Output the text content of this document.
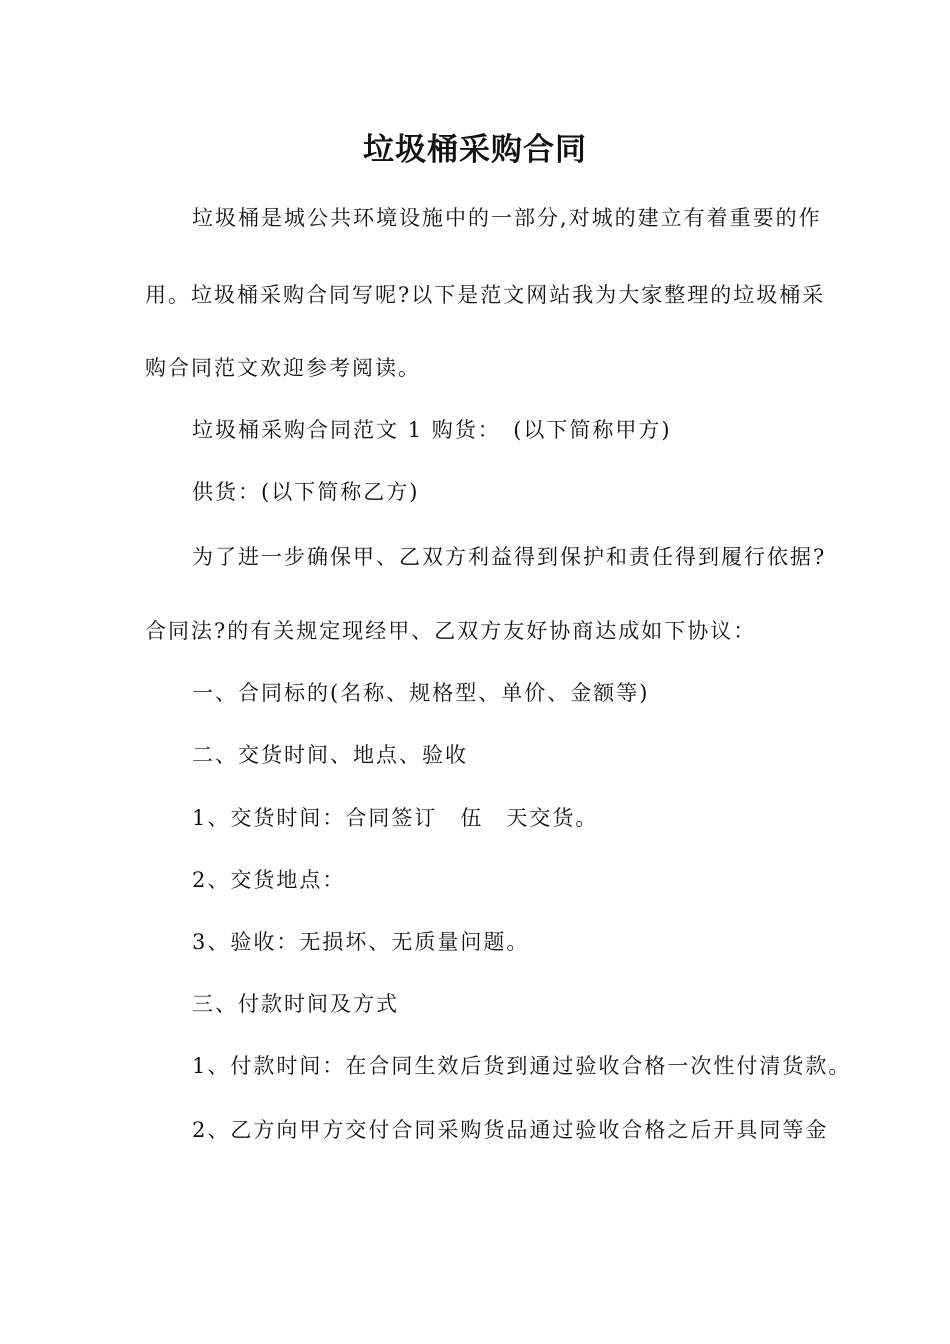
垃圾桶采购合同
垃圾桶是城公共环境设施中的一部分,对城的建立有着重要的作
用。垃圾桶采购合同写呢?以下是范文网站我为大家整理的垃圾桶采
购合同范文欢迎参考阅读。
垃圾桶采购合同范文 1 购货：　(以下简称甲方)
供货：(以下简称乙方)
为了进一步确保甲、乙双方利益得到保护和责任得到履行依据?
合同法?的有关规定现经甲、乙双方友好协商达成如下协议：
一、合同标的(名称、规格型、单价、金额等)
二、交货时间、地点、验收
1、交货时间：合同签订　伍　天交货。
2、交货地点：
3、验收：无损坏、无质量问题。
三、付款时间及方式
1、付款时间：在合同生效后货到通过验收合格一次性付清货款。
2、乙方向甲方交付合同采购货品通过验收合格之后开具同等金
